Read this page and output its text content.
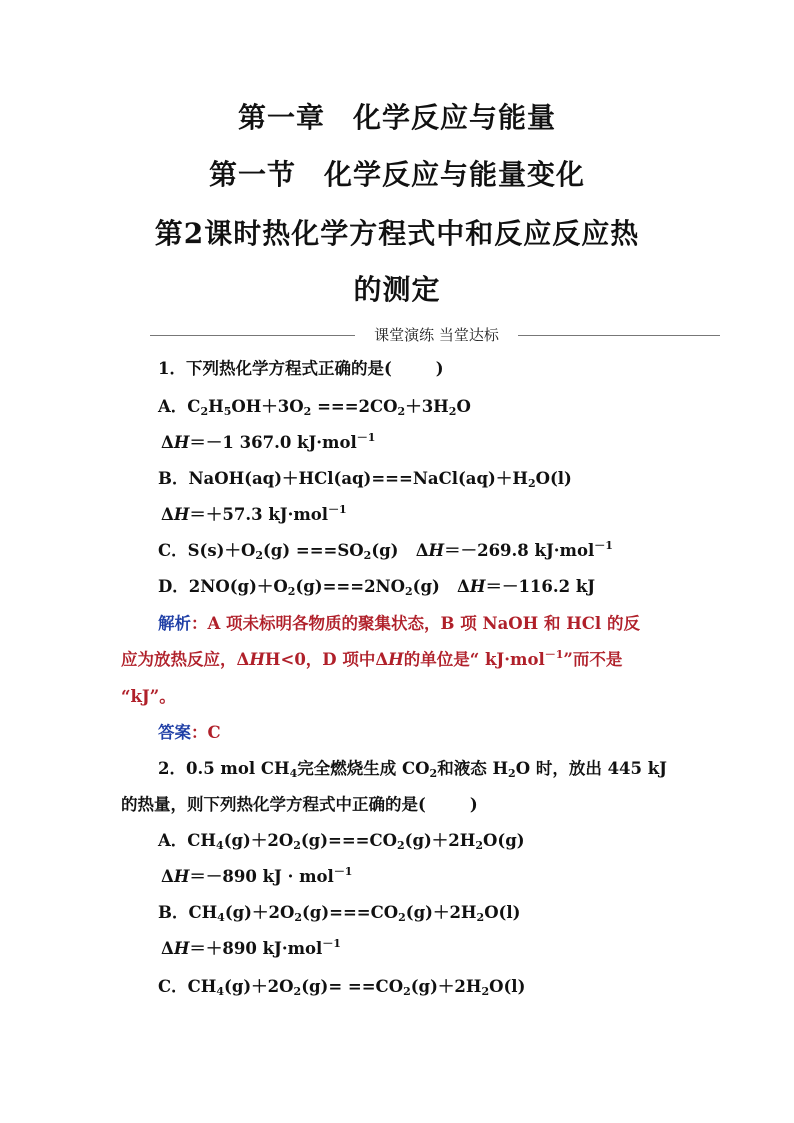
第一章 化学反应与能量
第一节 化学反应与能量变化
第2课时热化学方程式中和反应反应热
的测定
课堂演练 当堂达标
1．下列热化学方程式正确的是(	)
A．$C_2H_5OH+3O_2 ===2CO_2+3H_2O$
ΔH＝－1 367.0 kJ·mol$^{-1}$
B．$NaOH(aq)+HCl(aq)===NaCl(aq)+H_2O(l)$
ΔH＝＋57.3 kJ·mol$^{-1}$
C．$S(s)+O_2(g) ===SO_2(g)$   ΔH＝－269.8 kJ·mol$^{-1}$
D．$2NO(g)+O_2(g)===2NO_2(g)$   ΔH＝－116.2 kJ
解析：A 项未标明各物质的聚集状态，B 项 NaOH 和 HCl 的反
应为放热反应，ΔHH<0，D 项中ΔH的单位是“ kJ·mol$^{-1}$”而不是
“kJ”。
答案：C
2．0.5 mol $CH_4$完全燃烧生成 $CO_2$和液态 $H_2O$ 时，放出 445 kJ
的热量，则下列热化学方程式中正确的是(	)
A．$CH_4(g)+2O_2(g)===CO_2(g)+2H_2O(g)$
ΔH＝－890 kJ · mol$^{-1}$
B．$CH_4(g)+2O_2(g)===CO_2(g)+2H_2O(l)$
ΔH＝＋890 kJ·mol$^{-1}$
C．$CH_4(g)+2O_2(g)= ==CO_2(g)+2H_2O(l)$
